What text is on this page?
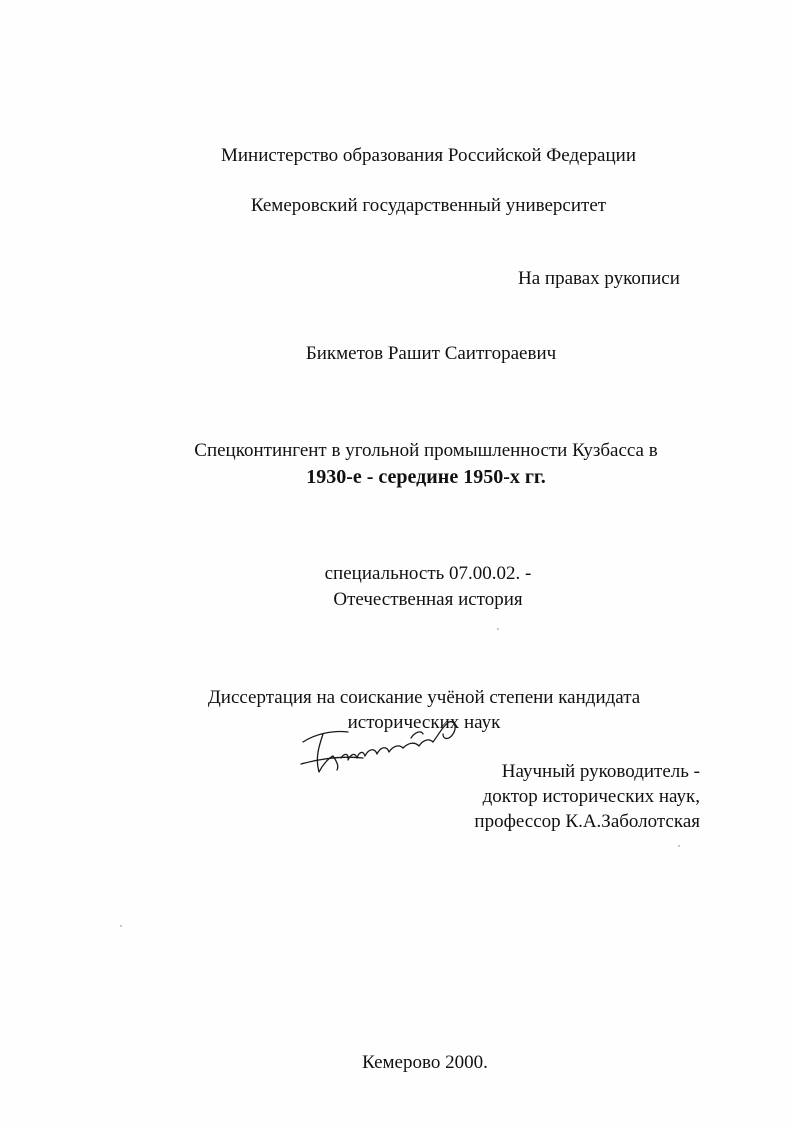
Министерство образования Российской Федерации
Кемеровский государственный университет
На правах рукописи
Бикметов Рашит Саитгораевич
Спецконтингент в угольной промышленности Кузбасса в
1930-е - середине 1950-х гг.
специальность 07.00.02. -
Отечественная история
Диссертация на соискание учёной степени кандидата
исторических наук
Научный руководитель -
доктор исторических наук,
профессор К.А.Заболотская
Кемерово 2000.
